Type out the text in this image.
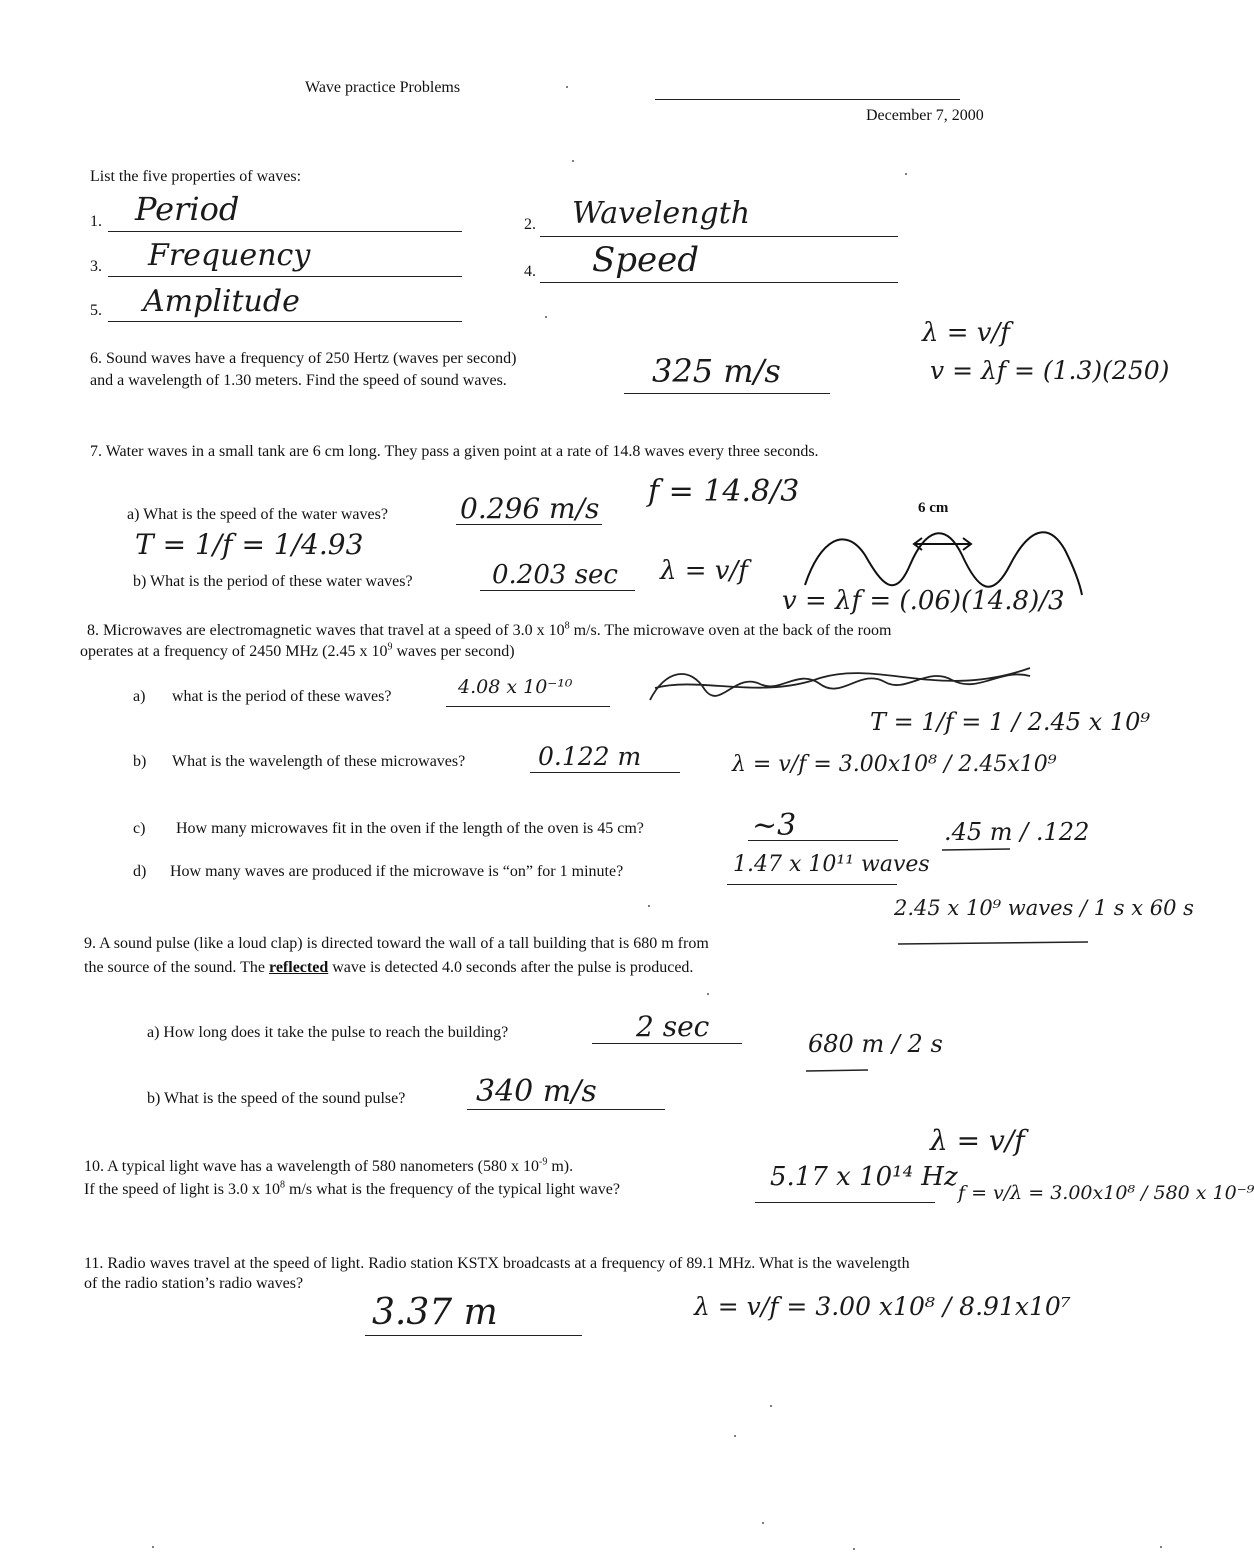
Wave practice Problems
December 7, 2000
List the five properties of waves:
1. Period	2. Wavelength
3. Frequency	4. Speed
5. Amplitude
6. Sound waves have a frequency of 250 Hertz (waves per second)
and a wavelength of 1.30 meters. Find the speed of sound waves.	325 m/s
λ = v/f
v = λf = (1.3)(250)
7. Water waves in a small tank are 6 cm long. They pass a given point at a rate of 14.8 waves every three seconds.
a) What is the speed of the water waves?	0.296 m/s f = 14.8/3
T = 1/f = 1/4.93
b) What is the period of these water waves?	0.203 sec λ = v/f
v = λf = (.06)(14.8)/3
6 cm
8. Microwaves are electromagnetic waves that travel at a speed of 3.0 x $10^8$ m/s. The microwave oven at the back of the room
operates at a frequency of 2450 MHz (2.45 x $10^9$ waves per second)
a) what is the period of these waves?	4.08 x 10⁻¹⁰
T = 1/f = 1 / 2.45 x 10⁹
b) What is the wavelength of these microwaves?	0.122 m	λ = v/f = 3.00x10⁸ / 2.45x10⁹
c) How many microwaves fit in the oven if the length of the oven is 45 cm?	~3	.45 m / .122
d) How many waves are produced if the microwave is “on” for 1 minute?	1.47 x 10¹¹ waves
2.45 x 10⁹ waves / 1 s x 60 s
9. A sound pulse (like a loud clap) is directed toward the wall of a tall building that is 680 m from
the source of the sound. The reflected wave is detected 4.0 seconds after the pulse is produced.
a) How long does it take the pulse to reach the building?	2 sec
680 m / 2 s
b) What is the speed of the sound pulse? 340 m/s
10. A typical light wave has a wavelength of 580 nanometers (580 x $10^{-9}$ m).
If the speed of light is 3.0 x $10^8$ m/s what is the frequency of the typical light wave?	5.17 x 10¹⁴ Hz
λ = v/f
f = v/λ = 3.00x10⁸ / 580 x 10⁻⁹
11. Radio waves travel at the speed of light. Radio station KSTX broadcasts at a frequency of 89.1 MHz. What is the wavelength
of the radio station’s radio waves?
3.37 m	λ = v/f = 3.00 x10⁸ / 8.91x10⁷
